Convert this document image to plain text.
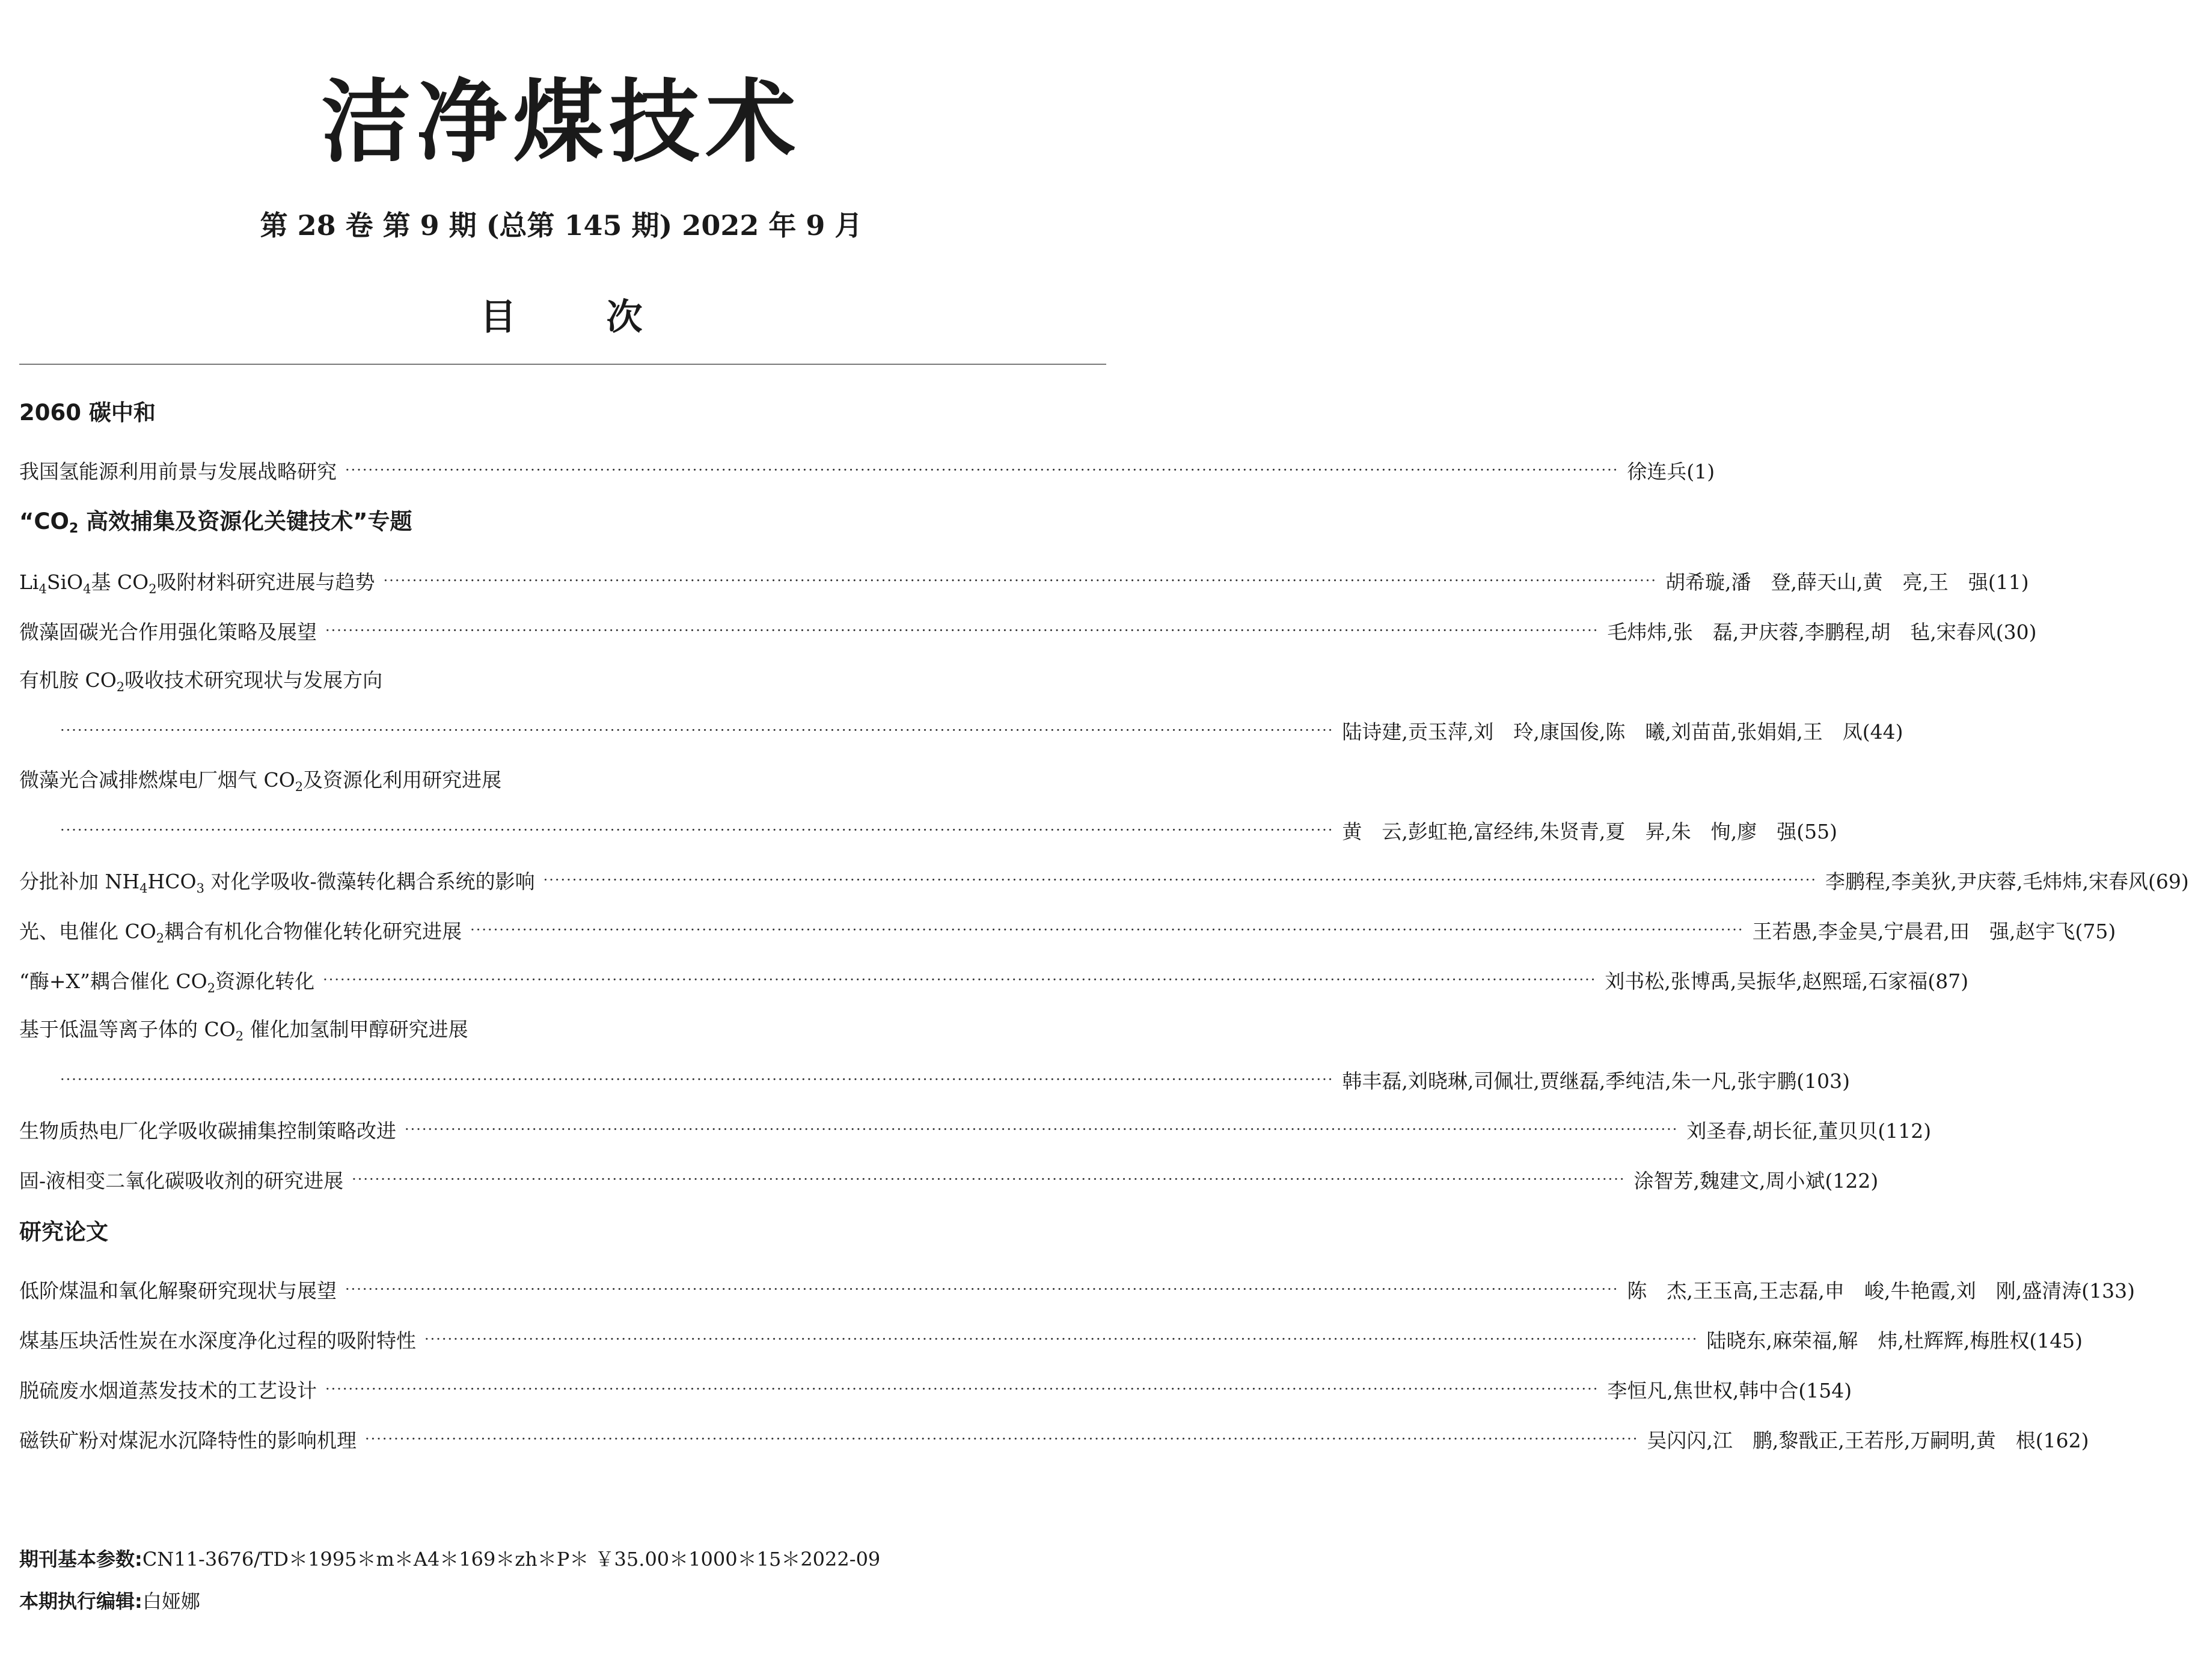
洁净煤技术
第 28 卷 第 9 期 (总第 145 期) 2022 年 9 月
目	次
2060 碳中和
我国氢能源利用前景与发展战略研究 ···························································································································································································································· 徐连兵(1)
“$CO_2$ 高效捕集及资源化关键技术”专题
$Li_4SiO_4$基 $CO_2$吸附材料研究进展与趋势 ···························································································································································································································· 胡希璇,潘　登,薛天山,黄　亮,王　强(11)
微藻固碳光合作用强化策略及展望 ···························································································································································································································· 毛炜炜,张　磊,尹庆蓉,李鹏程,胡　毡,宋春风(30)
有机胺 $CO_2$吸收技术研究现状与发展方向
···························································································································································································································· 陆诗建,贡玉萍,刘　玲,康国俊,陈　曦,刘苗苗,张娟娟,王　凤(44)
微藻光合减排燃煤电厂烟气 $CO_2$及资源化利用研究进展
···························································································································································································································· 黄　云,彭虹艳,富经纬,朱贤青,夏　昇,朱　恂,廖　强(55)
分批补加 $NH_4HCO_3$ 对化学吸收-微藻转化耦合系统的影响 ···························································································································································································································· 李鹏程,李美狄,尹庆蓉,毛炜炜,宋春风(69)
光、电催化 $CO_2$耦合有机化合物催化转化研究进展 ···························································································································································································································· 王若愚,李金昊,宁晨君,田　强,赵宇飞(75)
“酶+X”耦合催化 $CO_2$资源化转化 ···························································································································································································································· 刘书松,张博禹,吴振华,赵熙瑶,石家福(87)
基于低温等离子体的 $CO_2$ 催化加氢制甲醇研究进展
···························································································································································································································· 韩丰磊,刘晓琳,司佩壮,贾继磊,季纯洁,朱一凡,张宇鹏(103)
生物质热电厂化学吸收碳捕集控制策略改进 ···························································································································································································································· 刘圣春,胡长征,董贝贝(112)
固-液相变二氧化碳吸收剂的研究进展 ···························································································································································································································· 涂智芳,魏建文,周小斌(122)
研究论文
低阶煤温和氧化解聚研究现状与展望 ···························································································································································································································· 陈　杰,王玉高,王志磊,申　峻,牛艳霞,刘　刚,盛清涛(133)
煤基压块活性炭在水深度净化过程的吸附特性 ···························································································································································································································· 陆晓东,麻荣福,解　炜,杜辉辉,梅胜权(145)
脱硫废水烟道蒸发技术的工艺设计 ···························································································································································································································· 李恒凡,焦世权,韩中合(154)
磁铁矿粉对煤泥水沉降特性的影响机理 ···························································································································································································································· 吴闪闪,江　鹏,黎戬正,王若彤,万嗣明,黄　根(162)
期刊基本参数:CN11-3676/TD＊1995＊m＊A4＊169＊zh＊P＊ ￥35.00＊1000＊15＊2022-09
本期执行编辑:白娅娜
